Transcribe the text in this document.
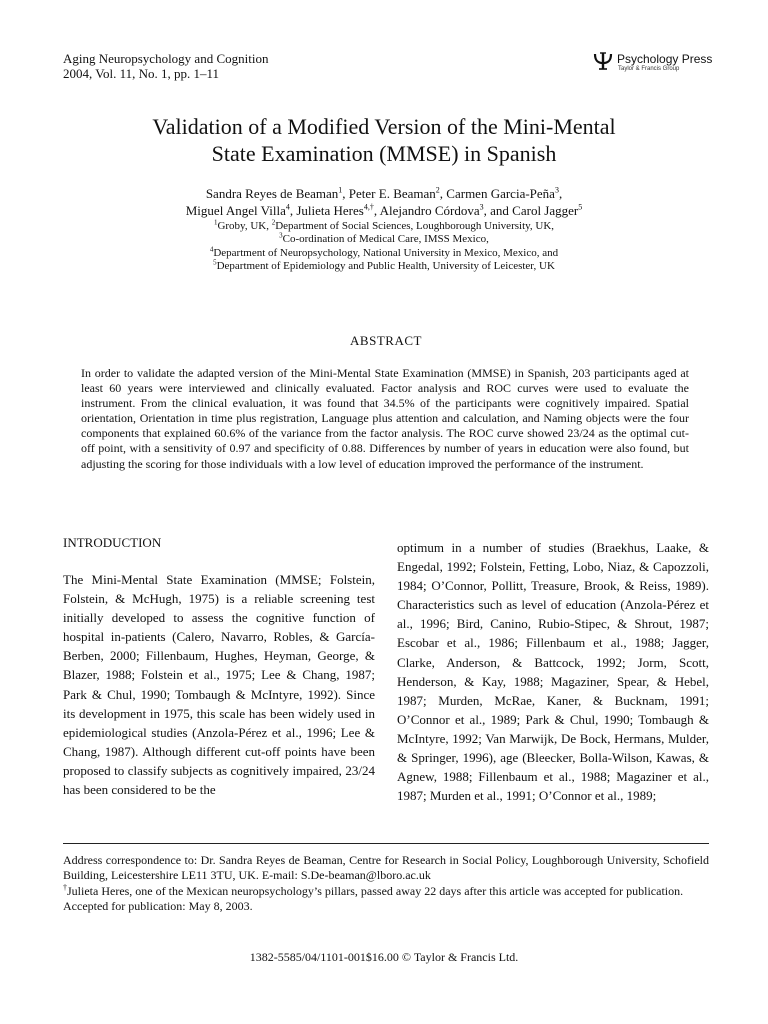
Aging Neuropsychology and Cognition
2004, Vol. 11, No. 1, pp. 1–11
Psychology Press
Taylor & Francis Group
Validation of a Modified Version of the Mini-Mental
State Examination (MMSE) in Spanish
Sandra Reyes de Beaman$^1$, Peter E. Beaman$^2$, Carmen Garcia-Peña$^3$,
Miguel Angel Villa$^4$, Julieta Heres$^{4,\dagger}$, Alejandro Córdova$^3$, and Carol Jagger$^5$
$^1$Groby, UK, $^2$Department of Social Sciences, Loughborough University, UK,
$^3$Co-ordination of Medical Care, IMSS Mexico,
$^4$Department of Neuropsychology, National University in Mexico, Mexico, and
$^5$Department of Epidemiology and Public Health, University of Leicester, UK
ABSTRACT
In order to validate the adapted version of the Mini-Mental State Examination (MMSE) in Spanish, 203 participants aged at least 60 years were interviewed and clinically evaluated. Factor analysis and ROC curves were used to evaluate the instrument. From the clinical evaluation, it was found that 34.5% of the participants were cognitively impaired. Spatial orientation, Orientation in time plus registration, Language plus attention and calculation, and Naming objects were the four components that explained 60.6% of the variance from the factor analysis. The ROC curve showed 23/24 as the optimal cut-off point, with a sensitivity of 0.97 and specificity of 0.88. Differences by number of years in education were also found, but adjusting the scoring for those individuals with a low level of education improved the performance of the instrument.
INTRODUCTION

The Mini-Mental State Examination (MMSE; Folstein, Folstein, & McHugh, 1975) is a reliable screening test initially developed to assess the cognitive function of hospital in-patients (Calero, Navarro, Robles, & García-Berben, 2000; Fillenbaum, Hughes, Heyman, George, & Blazer, 1988; Folstein et al., 1975; Lee & Chang, 1987; Park & Chul, 1990; Tombaugh & McIntyre, 1992). Since its development in 1975, this scale has been widely used in epidemiological studies (Anzola-Pérez et al., 1996; Lee & Chang, 1987). Although different cut-off points have been proposed to classify subjects as cognitively impaired, 23/24 has been considered to be the

optimum in a number of studies (Braekhus, Laake, & Engedal, 1992; Folstein, Fetting, Lobo, Niaz, & Capozzoli, 1984; O’Connor, Pollitt, Treasure, Brook, & Reiss, 1989). Characteristics such as level of education (Anzola-Pérez et al., 1996; Bird, Canino, Rubio-Stipec, & Shrout, 1987; Escobar et al., 1986; Fillenbaum et al., 1988; Jagger, Clarke, Anderson, & Battcock, 1992; Jorm, Scott, Henderson, & Kay, 1988; Magaziner, Spear, & Hebel, 1987; Murden, McRae, Kaner, & Bucknam, 1991; O’Connor et al., 1989; Park & Chul, 1990; Tombaugh & McIntyre, 1992; Van Marwijk, De Bock, Hermans, Mulder, & Springer, 1996), age (Bleecker, Bolla-Wilson, Kawas, & Agnew, 1988; Fillenbaum et al., 1988; Magaziner et al., 1987; Murden et al., 1991; O’Connor et al., 1989;

Address correspondence to: Dr. Sandra Reyes de Beaman, Centre for Research in Social Policy, Loughborough University, Schofield Building, Leicestershire LE11 3TU, UK. E-mail: S.De-beaman@lboro.ac.uk

†Julieta Heres, one of the Mexican neuropsychology’s pillars, passed away 22 days after this article was accepted for publication.

Accepted for publication: May 8, 2003.

1382-5585/04/1101-001$16.00 © Taylor & Francis Ltd.
